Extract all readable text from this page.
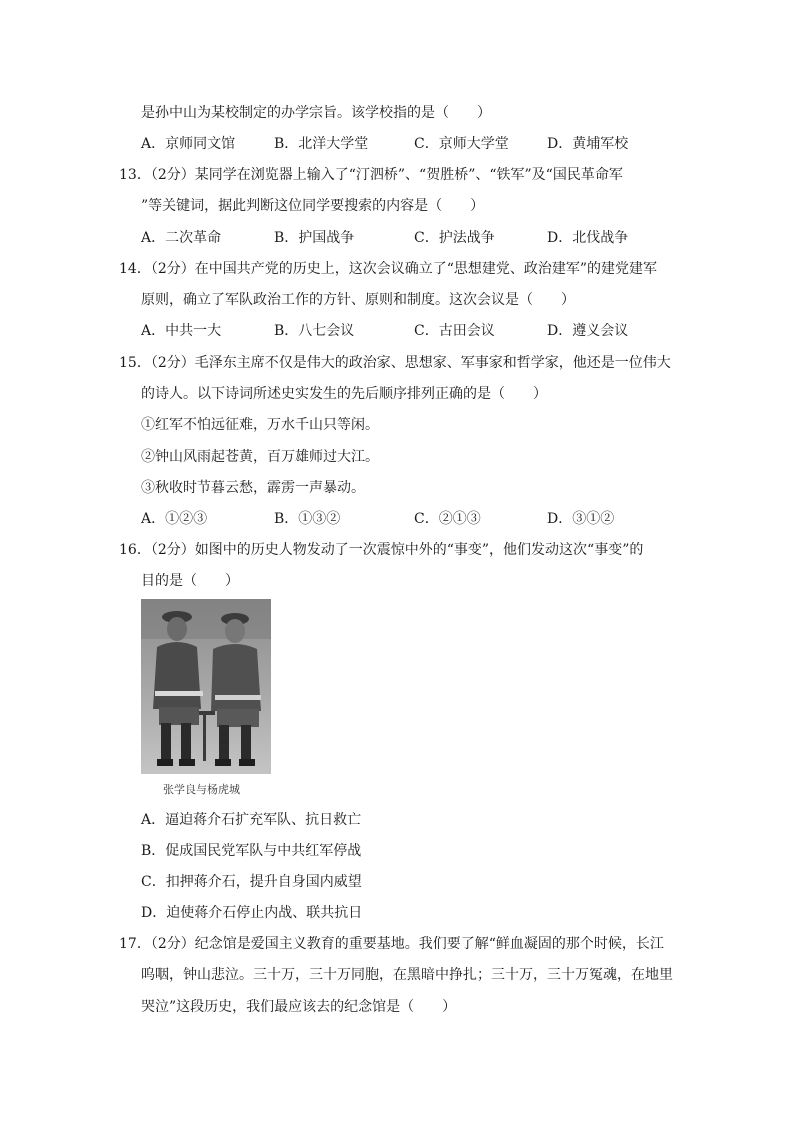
是孙中山为某校制定的办学宗旨。该学校指的是（　　）
A．京师同文馆	B．北洋大学堂	C．京师大学堂	D．黄埔军校
13．（2分）某同学在浏览器上输入了“汀泗桥”、“贺胜桥”、“铁军”及“国民革命军
”等关键词，据此判断这位同学要搜索的内容是（　　）
A．二次革命	B．护国战争	C．护法战争	D．北伐战争
14．（2分）在中国共产党的历史上，这次会议确立了“思想建党、政治建军”的建党建军
原则，确立了军队政治工作的方针、原则和制度。这次会议是（　　）
A．中共一大	B．八七会议	C．古田会议	D．遵义会议
15．（2分）毛泽东主席不仅是伟大的政治家、思想家、军事家和哲学家，他还是一位伟大
的诗人。以下诗词所述史实发生的先后顺序排列正确的是（　　）
①红军不怕远征难，万水千山只等闲。
②钟山风雨起苍黄，百万雄师过大江。
③秋收时节暮云愁，霹雳一声暴动。
A．①②③	B．①③②	C．②①③	D．③①②
16．（2分）如图中的历史人物发动了一次震惊中外的“事变”，他们发动这次“事变”的
目的是（　　）
张学良与杨虎城
A．逼迫蒋介石扩充军队、抗日救亡
B．促成国民党军队与中共红军停战
C．扣押蒋介石，提升自身国内威望
D．迫使蒋介石停止内战、联共抗日
17．（2分）纪念馆是爱国主义教育的重要基地。我们要了解“鲜血凝固的那个时候，长江
呜咽，钟山悲泣。三十万，三十万同胞，在黑暗中挣扎；三十万，三十万冤魂，在地里
哭泣”这段历史，我们最应该去的纪念馆是（　　）
